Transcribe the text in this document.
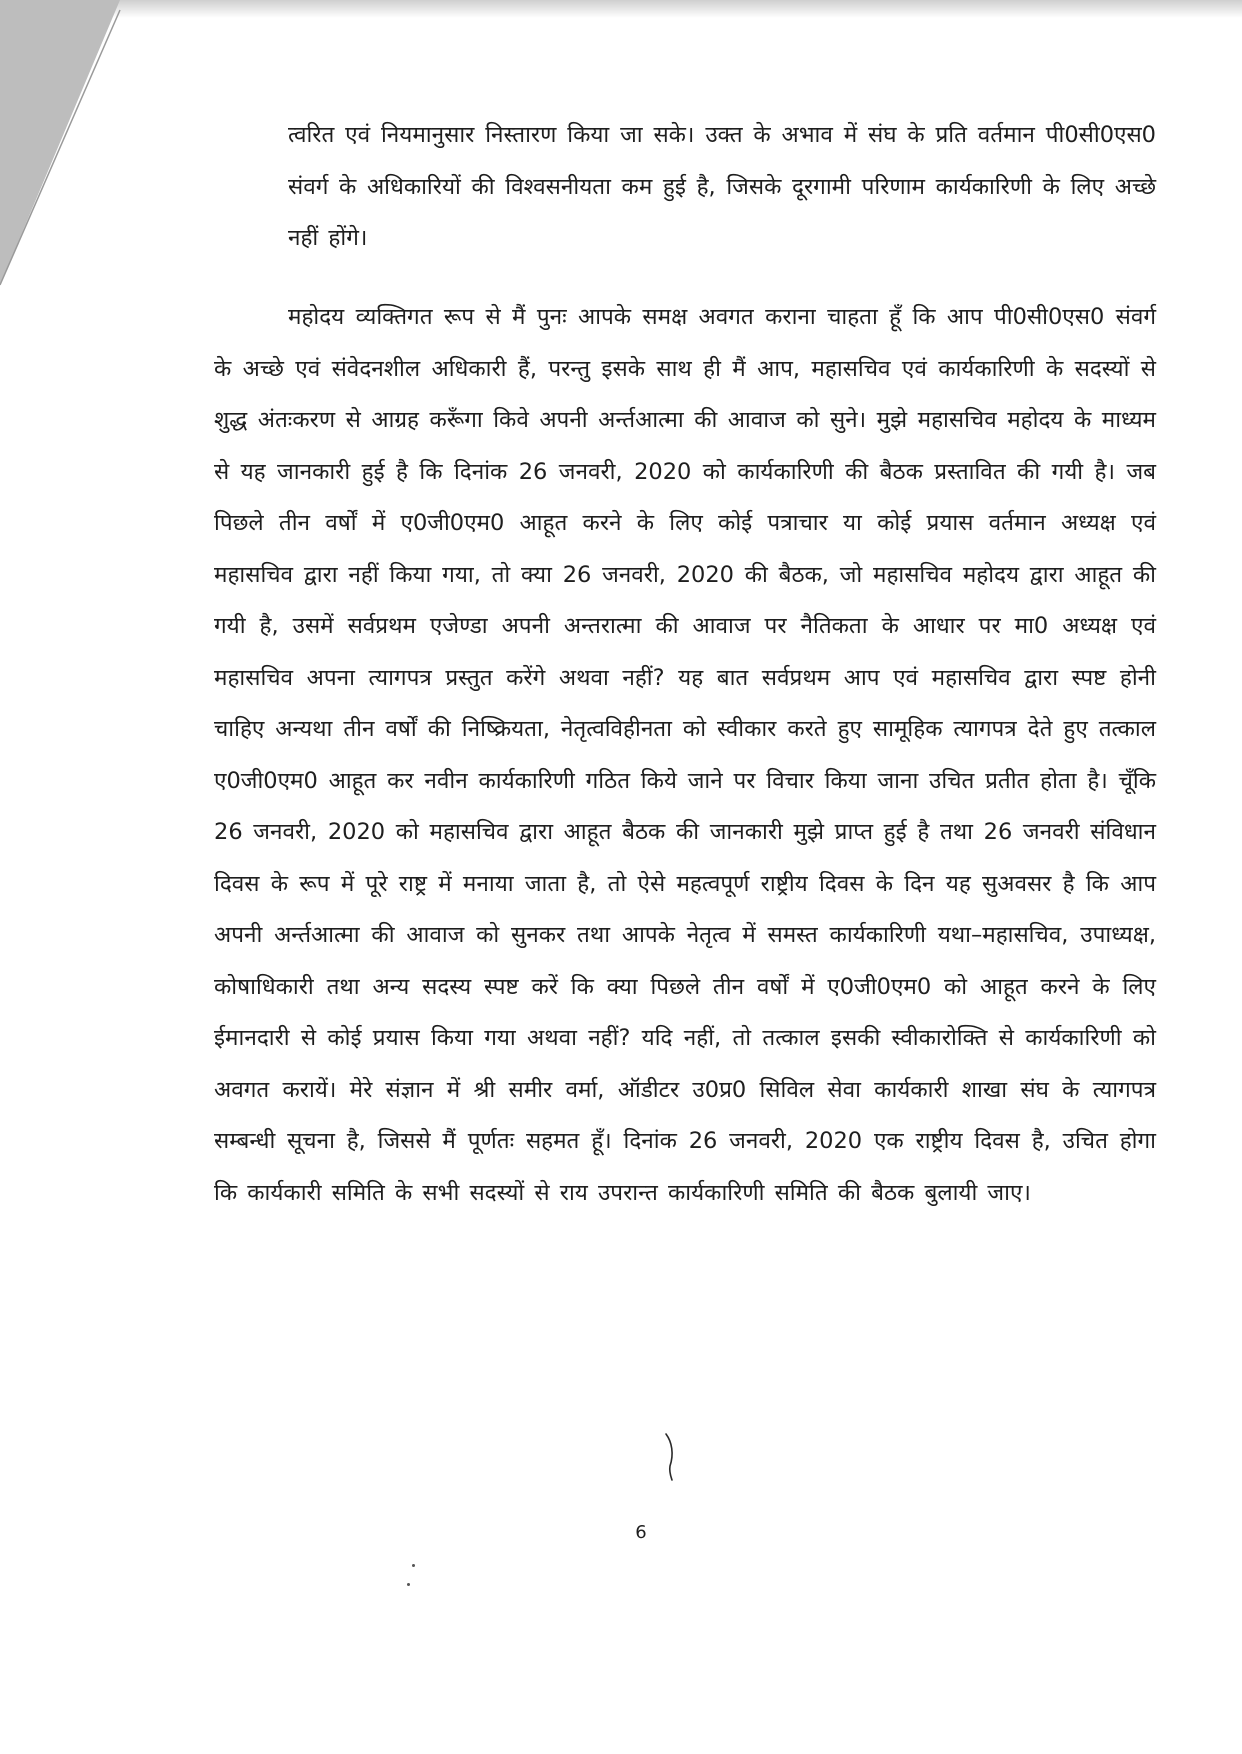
त्वरित एवं नियमानुसार निस्तारण किया जा सके। उक्त के अभाव में संघ के प्रति वर्तमान पी0सी0एस0 संवर्ग के अधिकारियों की विश्वसनीयता कम हुई है, जिसके दूरगामी परिणाम कार्यकारिणी के लिए अच्छे नहीं होंगे।

महोदय व्यक्तिगत रूप से मैं पुनः आपके समक्ष अवगत कराना चाहता हूँ कि आप पी0सी0एस0 संवर्ग के अच्छे एवं संवेदनशील अधिकारी हैं, परन्तु इसके साथ ही मैं आप, महासचिव एवं कार्यकारिणी के सदस्यों से शुद्ध अंतःकरण से आग्रह करूँगा किवे अपनी अर्न्तआत्मा की आवाज को सुने। मुझे महासचिव महोदय के माध्यम से यह जानकारी हुई है कि दिनांक 26 जनवरी, 2020 को कार्यकारिणी की बैठक प्रस्तावित की गयी है। जब पिछले तीन वर्षों में ए0जी0एम0 आहूत करने के लिए कोई पत्राचार या कोई प्रयास वर्तमान अध्यक्ष एवं महासचिव द्वारा नहीं किया गया, तो क्या 26 जनवरी, 2020 की बैठक, जो महासचिव महोदय द्वारा आहूत की गयी है, उसमें सर्वप्रथम एजेण्डा अपनी अन्तरात्मा की आवाज पर नैतिकता के आधार पर मा0 अध्यक्ष एवं महासचिव अपना त्यागपत्र प्रस्तुत करेंगे अथवा नहीं? यह बात सर्वप्रथम आप एवं महासचिव द्वारा स्पष्ट होनी चाहिए अन्यथा तीन वर्षों की निष्क्रियता, नेतृत्वविहीनता को स्वीकार करते हुए सामूहिक त्यागपत्र देते हुए तत्काल ए0जी0एम0 आहूत कर नवीन कार्यकारिणी गठित किये जाने पर विचार किया जाना उचित प्रतीत होता है। चूँकि 26 जनवरी, 2020 को महासचिव द्वारा आहूत बैठक की जानकारी मुझे प्राप्त हुई है तथा 26 जनवरी संविधान दिवस के रूप में पूरे राष्ट्र में मनाया जाता है, तो ऐसे महत्वपूर्ण राष्ट्रीय दिवस के दिन यह सुअवसर है कि आप अपनी अर्न्तआत्मा की आवाज को सुनकर तथा आपके नेतृत्व में समस्त कार्यकारिणी यथा–महासचिव, उपाध्यक्ष, कोषाधिकारी तथा अन्य सदस्य स्पष्ट करें कि क्या पिछले तीन वर्षों में ए0जी0एम0 को आहूत करने के लिए ईमानदारी से कोई प्रयास किया गया अथवा नहीं? यदि नहीं, तो तत्काल इसकी स्वीकारोक्ति से कार्यकारिणी को अवगत करायें। मेरे संज्ञान में श्री समीर वर्मा, ऑडीटर उ0प्र0 सिविल सेवा कार्यकारी शाखा संघ के त्यागपत्र सम्बन्धी सूचना है, जिससे मैं पूर्णतः सहमत हूँ। दिनांक 26 जनवरी, 2020 एक राष्ट्रीय दिवस है, उचित होगा कि कार्यकारी समिति के सभी सदस्यों से राय उपरान्त कार्यकारिणी समिति की बैठक बुलायी जाए।

6
